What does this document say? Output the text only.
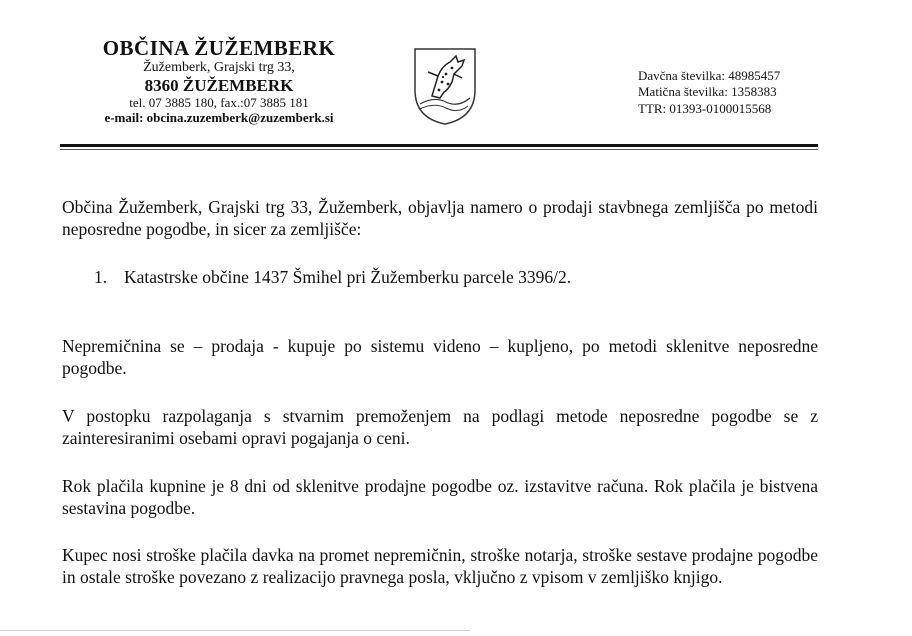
OBČINA ŽUŽEMBERK
Žužemberk, Grajski trg 33,
8360 ŽUŽEMBERK
tel. 07 3885 180, fax.:07 3885 181
e-mail: obcina.zuzemberk@zuzemberk.si
Davčna številka: 48985457
Matična številka: 1358383
TTR: 01393-0100015568
Občina Žužemberk, Grajski trg 33, Žužemberk, objavlja namero o prodaji stavbnega zemljišča po metodi neposredne pogodbe, in sicer za zemljišče:
1. Katastrske občine 1437 Šmihel pri Žužemberku parcele 3396/2.
Nepremičnina se – prodaja - kupuje po sistemu videno – kupljeno, po metodi sklenitve neposredne pogodbe.
V postopku razpolaganja s stvarnim premoženjem na podlagi metode neposredne pogodbe se z zainteresiranimi osebami opravi pogajanja o ceni.
Rok plačila kupnine je 8 dni od sklenitve prodajne pogodbe oz. izstavitve računa. Rok plačila je bistvena sestavina pogodbe.
Kupec nosi stroške plačila davka na promet nepremičnin, stroške notarja, stroške sestave prodajne pogodbe in ostale stroške povezano z realizacijo pravnega posla, vključno z vpisom v zemljiško knjigo.
